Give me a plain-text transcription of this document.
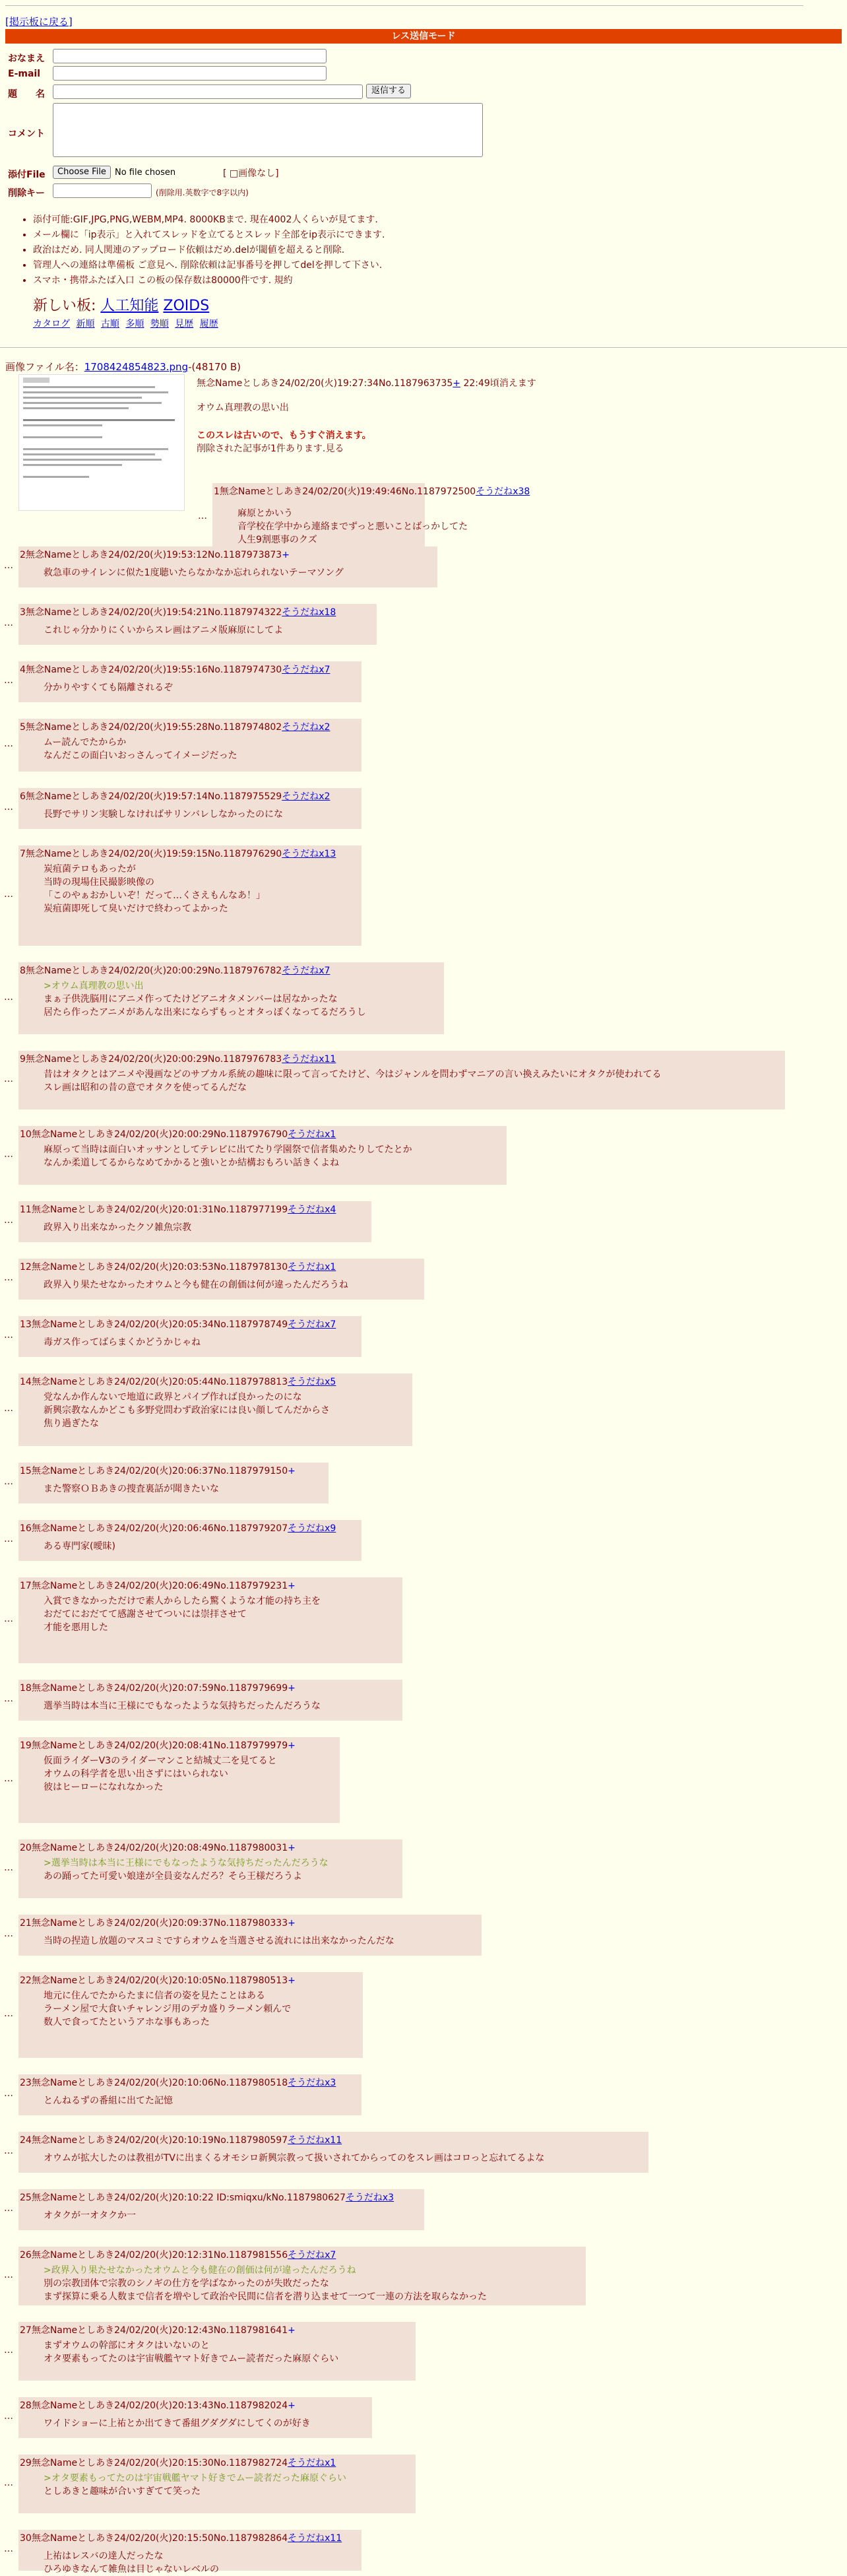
[掲示板に戻る]
レス送信モード
おなまえ
E-mail
題　　名	返信する
コメント
添付File	Choose File	No file chosen	[ □画像なし]
削除キー	(削除用.英数字で8字以内)
• 添付可能:GIF,JPG,PNG,WEBM,MP4. 8000KBまで. 現在4002人くらいが見てます.
• メール欄に「ip表示」と入れてスレッドを立てるとスレッド全部をip表示にできます.
• 政治はだめ. 同人関連のアップロード依頼はだめ.delが閾値を超えると削除.
• 管理人への連絡は準備板 ご意見へ. 削除依頼は記事番号を押してdelを押して下さい.
• スマホ・携帯ふたば入口 この板の保存数は80000件です. 規約
新しい板: 人工知能 ZOIDS
カタログ 新順 古順 多順 勢順 見歴 履歴
画像ファイル名：1708424854823.png-(48170 B)
無念Nameとしあき24/02/20(火)19:27:34No.1187963735+ 22:49頃消えます
オウム真理教の思い出
このスレは古いので、もうすぐ消えます。
削除された記事が1件あります.見る
…
1無念Nameとしあき24/02/20(火)19:49:46No.1187972500そうだねx38
麻原とかいう
音学校在学中から連絡までずっと悪いことばっかしてた
人生9割悪事のクズ
…
2無念Nameとしあき24/02/20(火)19:53:12No.1187973873+
救急車のサイレンに似た1度聴いたらなかなか忘れられないテーマソング
…
3無念Nameとしあき24/02/20(火)19:54:21No.1187974322そうだねx18
これじゃ分かりにくいからスレ画はアニメ版麻原にしてよ
…
4無念Nameとしあき24/02/20(火)19:55:16No.1187974730そうだねx7
分かりやすくても隔離されるぞ
…
5無念Nameとしあき24/02/20(火)19:55:28No.1187974802そうだねx2
ムー読んでたからか
なんだこの面白いおっさんってイメージだった
…
6無念Nameとしあき24/02/20(火)19:57:14No.1187975529そうだねx2
長野でサリン実験しなければサリンバレしなかったのにな
…
7無念Nameとしあき24/02/20(火)19:59:15No.1187976290そうだねx13
炭疽菌テロもあったが
当時の現場住民撮影映像の
「このやぁおかしいぞ！だって…くさえもんなあ！」
炭疽菌即死して臭いだけで終わってよかった
…
8無念Nameとしあき24/02/20(火)20:00:29No.1187976782そうだねx7
>オウム真理教の思い出
まぁ子供洗脳用にアニメ作ってたけどアニオタメンバーは居なかったな
居たら作ったアニメがあんな出来にならずもっとオタっぽくなってるだろうし
…
9無念Nameとしあき24/02/20(火)20:00:29No.1187976783そうだねx11
昔はオタクとはアニメや漫画などのサブカル系統の趣味に限って言ってたけど、今はジャンルを問わずマニアの言い換えみたいにオタクが使われてる
スレ画は昭和の昔の意でオタクを使ってるんだな
…
10無念Nameとしあき24/02/20(火)20:00:29No.1187976790そうだねx1
麻原って当時は面白いオッサンとしてテレビに出てたり学園祭で信者集めたりしてたとか
なんか柔道してるからなめてかかると強いとか結構おもろい話きくよね
…
11無念Nameとしあき24/02/20(火)20:01:31No.1187977199そうだねx4
政界入り出来なかったクソ雑魚宗教
…
12無念Nameとしあき24/02/20(火)20:03:53No.1187978130そうだねx1
政界入り果たせなかったオウムと今も健在の創価は何が違ったんだろうね
…
13無念Nameとしあき24/02/20(火)20:05:34No.1187978749そうだねx7
毒ガス作ってばらまくかどうかじゃね
…
14無念Nameとしあき24/02/20(火)20:05:44No.1187978813そうだねx5
党なんか作んないで地道に政界とパイプ作れば良かったのにな
新興宗教なんかどこも多野党問わず政治家には良い顔してんだからさ
焦り過ぎたな
…
15無念Nameとしあき24/02/20(火)20:06:37No.1187979150+
また警察ＯＢあきの捜査裏話が聞きたいな
…
16無念Nameとしあき24/02/20(火)20:06:46No.1187979207そうだねx9
ある専門家(曖昧)
…
17無念Nameとしあき24/02/20(火)20:06:49No.1187979231+
入賞できなかっただけで素人からしたら驚くような才能の持ち主を
おだてにおだてて感謝させてついには崇拝させて
才能を悪用した
…
18無念Nameとしあき24/02/20(火)20:07:59No.1187979699+
選挙当時は本当に王様にでもなったような気持ちだったんだろうな
…
19無念Nameとしあき24/02/20(火)20:08:41No.1187979979+
仮面ライダーV3のライダーマンこと結城丈二を見てると
オウムの科学者を思い出さずにはいられない
彼はヒーローになれなかった
…
20無念Nameとしあき24/02/20(火)20:08:49No.1187980031+
>選挙当時は本当に王様にでもなったような気持ちだったんだろうな
あの踊ってた可愛い娘達が全員妾なんだろ？そら王様だろうよ
…
21無念Nameとしあき24/02/20(火)20:09:37No.1187980333+
当時の捏造し放題のマスコミですらオウムを当選させる流れには出来なかったんだな
…
22無念Nameとしあき24/02/20(火)20:10:05No.1187980513+
地元に住んでたからたまに信者の姿を見たことはある
ラーメン屋で大食いチャレンジ用のデカ盛りラーメン頼んで
数人で食ってたというアホな事もあった
…
23無念Nameとしあき24/02/20(火)20:10:06No.1187980518そうだねx3
とんねるずの番組に出てた記憶
…
24無念Nameとしあき24/02/20(火)20:10:19No.1187980597そうだねx11
オウムが拡大したのは教祖がTVに出まくるオモシロ新興宗教って扱いされてからってのをスレ画はコロっと忘れてるよな
…
25無念Nameとしあき24/02/20(火)20:10:22 ID:smiqxu/kNo.1187980627そうだねx3
オタクが一オタクか一
…
26無念Nameとしあき24/02/20(火)20:12:31No.1187981556そうだねx7
>政界入り果たせなかったオウムと今も健在の創価は何が違ったんだろうね
別の宗教団体で宗教のシノギの仕方を学ばなかったのが失敗だったな
まず探算に乗る人数まで信者を増やして政治や民間に信者を潜り込ませて一つて一連の方法を取らなかった
…
27無念Nameとしあき24/02/20(火)20:12:43No.1187981641+
まずオウムの幹部にオタクはいないのと
オタ要素もってたのは宇宙戦艦ヤマト好きでムー読者だった麻原ぐらい
…
28無念Nameとしあき24/02/20(火)20:13:43No.1187982024+
ワイドショーに上祐とか出てきて番組グダグダにしてくのが好き
…
29無念Nameとしあき24/02/20(火)20:15:30No.1187982724そうだねx1
>オタ要素もってたのは宇宙戦艦ヤマト好きでムー読者だった麻原ぐらい
としあきと趣味が合いすぎてて笑った
…
30無念Nameとしあき24/02/20(火)20:15:50No.1187982864そうだねx11
上祐はレスバの達人だったな
ひろゆきなんて雑魚は目じゃないレベルの
